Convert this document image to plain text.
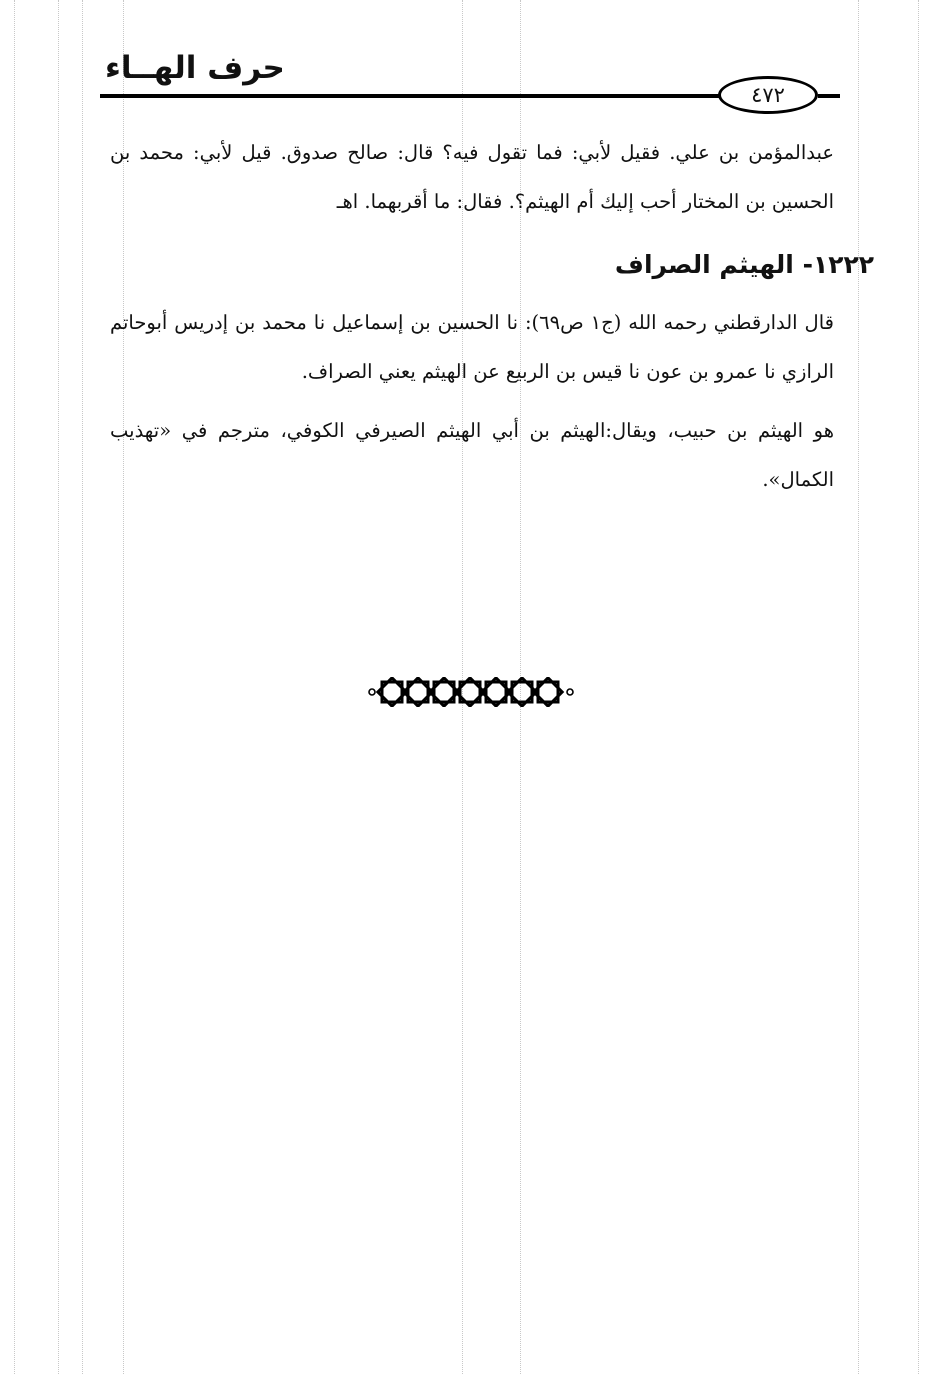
حرف الهــاء
٤٧٢

عبدالمؤمن بن علي. فقيل لأبي: فما تقول فيه؟ قال: صالح صدوق. قيل لأبي: محمد بن الحسين بن المختار أحب إليك أم الهيثم؟. فقال: ما أقربهما. اهـ

١٢٢٢- الهيثم الصراف

قال الدارقطني رحمه الله (ج١ ص٦٩): نا الحسين بن إسماعيل نا محمد بن إدريس أبوحاتم الرازي نا عمرو بن عون نا قيس بن الربيع عن الهيثم يعني الصراف.

هو الهيثم بن حبيب، ويقال:الهيثم بن أبي الهيثم الصيرفي الكوفي، مترجم في «تهذيب الكمال».
